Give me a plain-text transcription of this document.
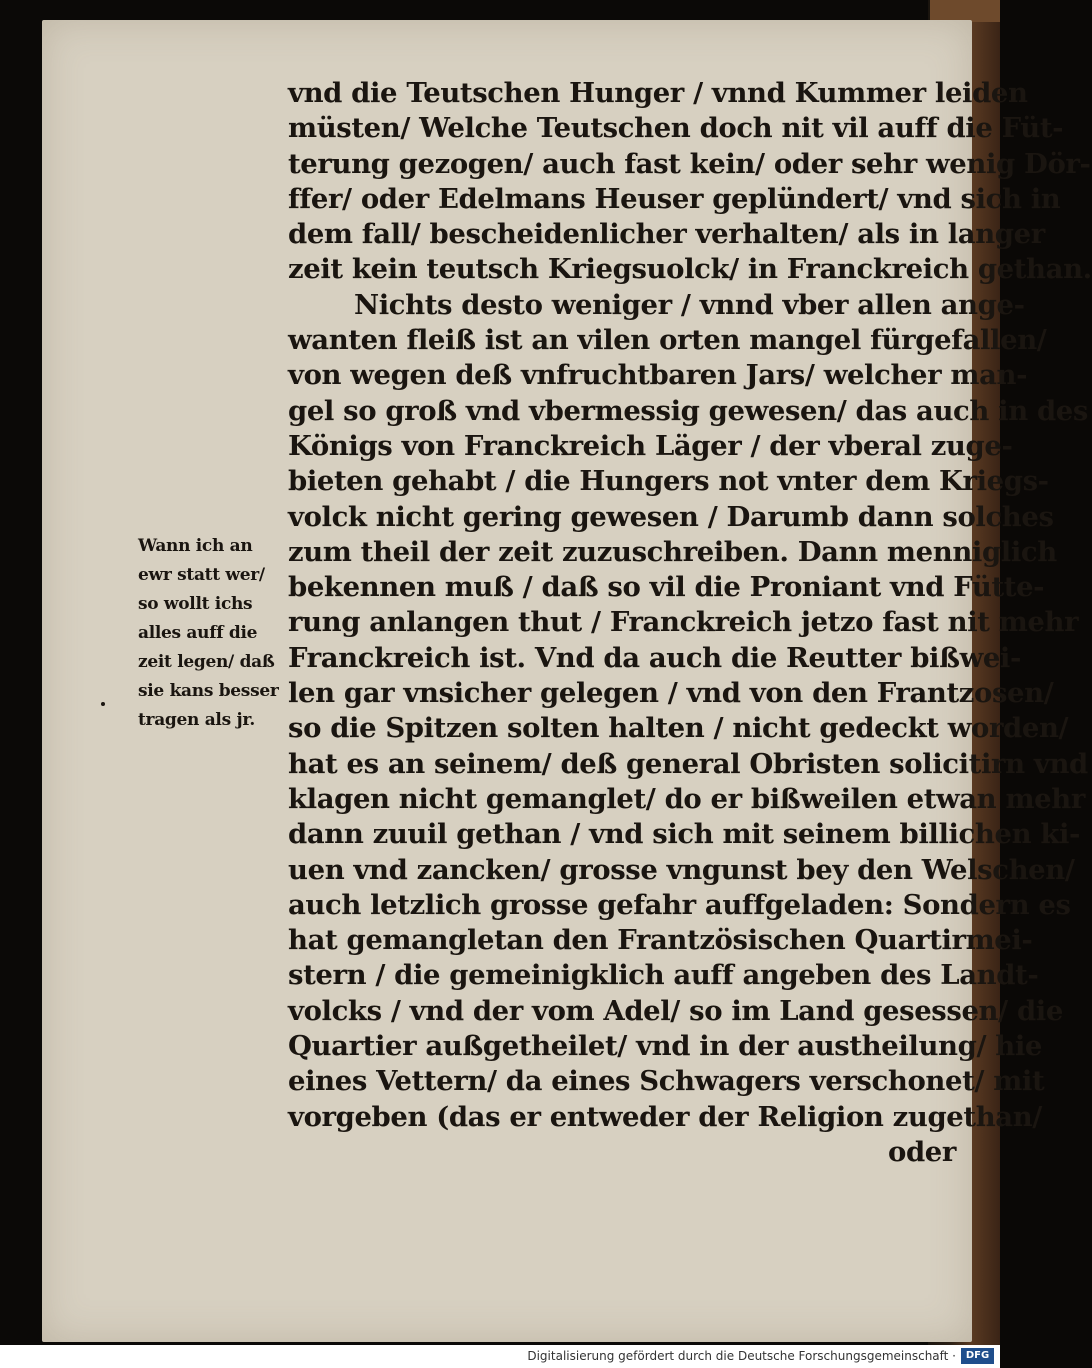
vnd die Teutschen Hunger / vnnd Kummer leiden
müsten/ Welche Teutschen doch nit vil auff die Füt‑
terung gezogen/ auch fast kein/ oder sehr wenig Dör‑
ffer/ oder Edelmans Heuser geplündert/ vnd sich in
dem fall/ bescheidenlicher verhalten/ als in langer
zeit kein teutsch Kriegsuolck/ in Franckreich gethan.
Nichts desto weniger / vnnd vber allen ange‑
wanten fleiß ist an vilen orten mangel fürgefallen/
von wegen deß vnfruchtbaren Jars/ welcher man‑
gel so groß vnd vbermessig gewesen/ das auch in des
Königs von Franckreich Läger / der vberal zuge‑
bieten gehabt / die Hungers not vnter dem Kriegs‑
volck nicht gering gewesen / Darumb dann solches
zum theil der zeit zuzuschreiben. Dann menniglich
bekennen muß / daß so vil die Proniant vnd Fütte‑
rung anlangen thut / Franckreich jetzo fast nit mehr
Franckreich ist. Vnd da auch die Reutter bißwei‑
len gar vnsicher gelegen / vnd von den Frantzosen/
so die Spitzen solten halten / nicht gedeckt worden/
hat es an seinem/ deß general Obristen solicitirn vnd
klagen nicht gemanglet/ do er bißweilen etwan mehr
dann zuuil gethan / vnd sich mit seinem billichen ki‑
uen vnd zancken/ grosse vngunst bey den Welschen/
auch letzlich grosse gefahr auffgeladen: Sondern es
hat gemangletan den Frantzösischen Quartirmei‑
stern / die gemeinigklich auff angeben des Landt‑
volcks / vnd der vom Adel/ so im Land gesessen/ die
Quartier außgetheilet/ vnd in der austheilung/ hie
eines Vettern/ da eines Schwagers verschonet/ mit
vorgeben (das er entweder der Religion zugethan/
oder
Wann ich an
ewr statt wer/
so wollt ichs
alles auff die
zeit legen/ daß
sie kans besser
tragen als jr.
Digitalisierung gefördert durch die Deutsche Forschungsgemeinschaft · DFG
